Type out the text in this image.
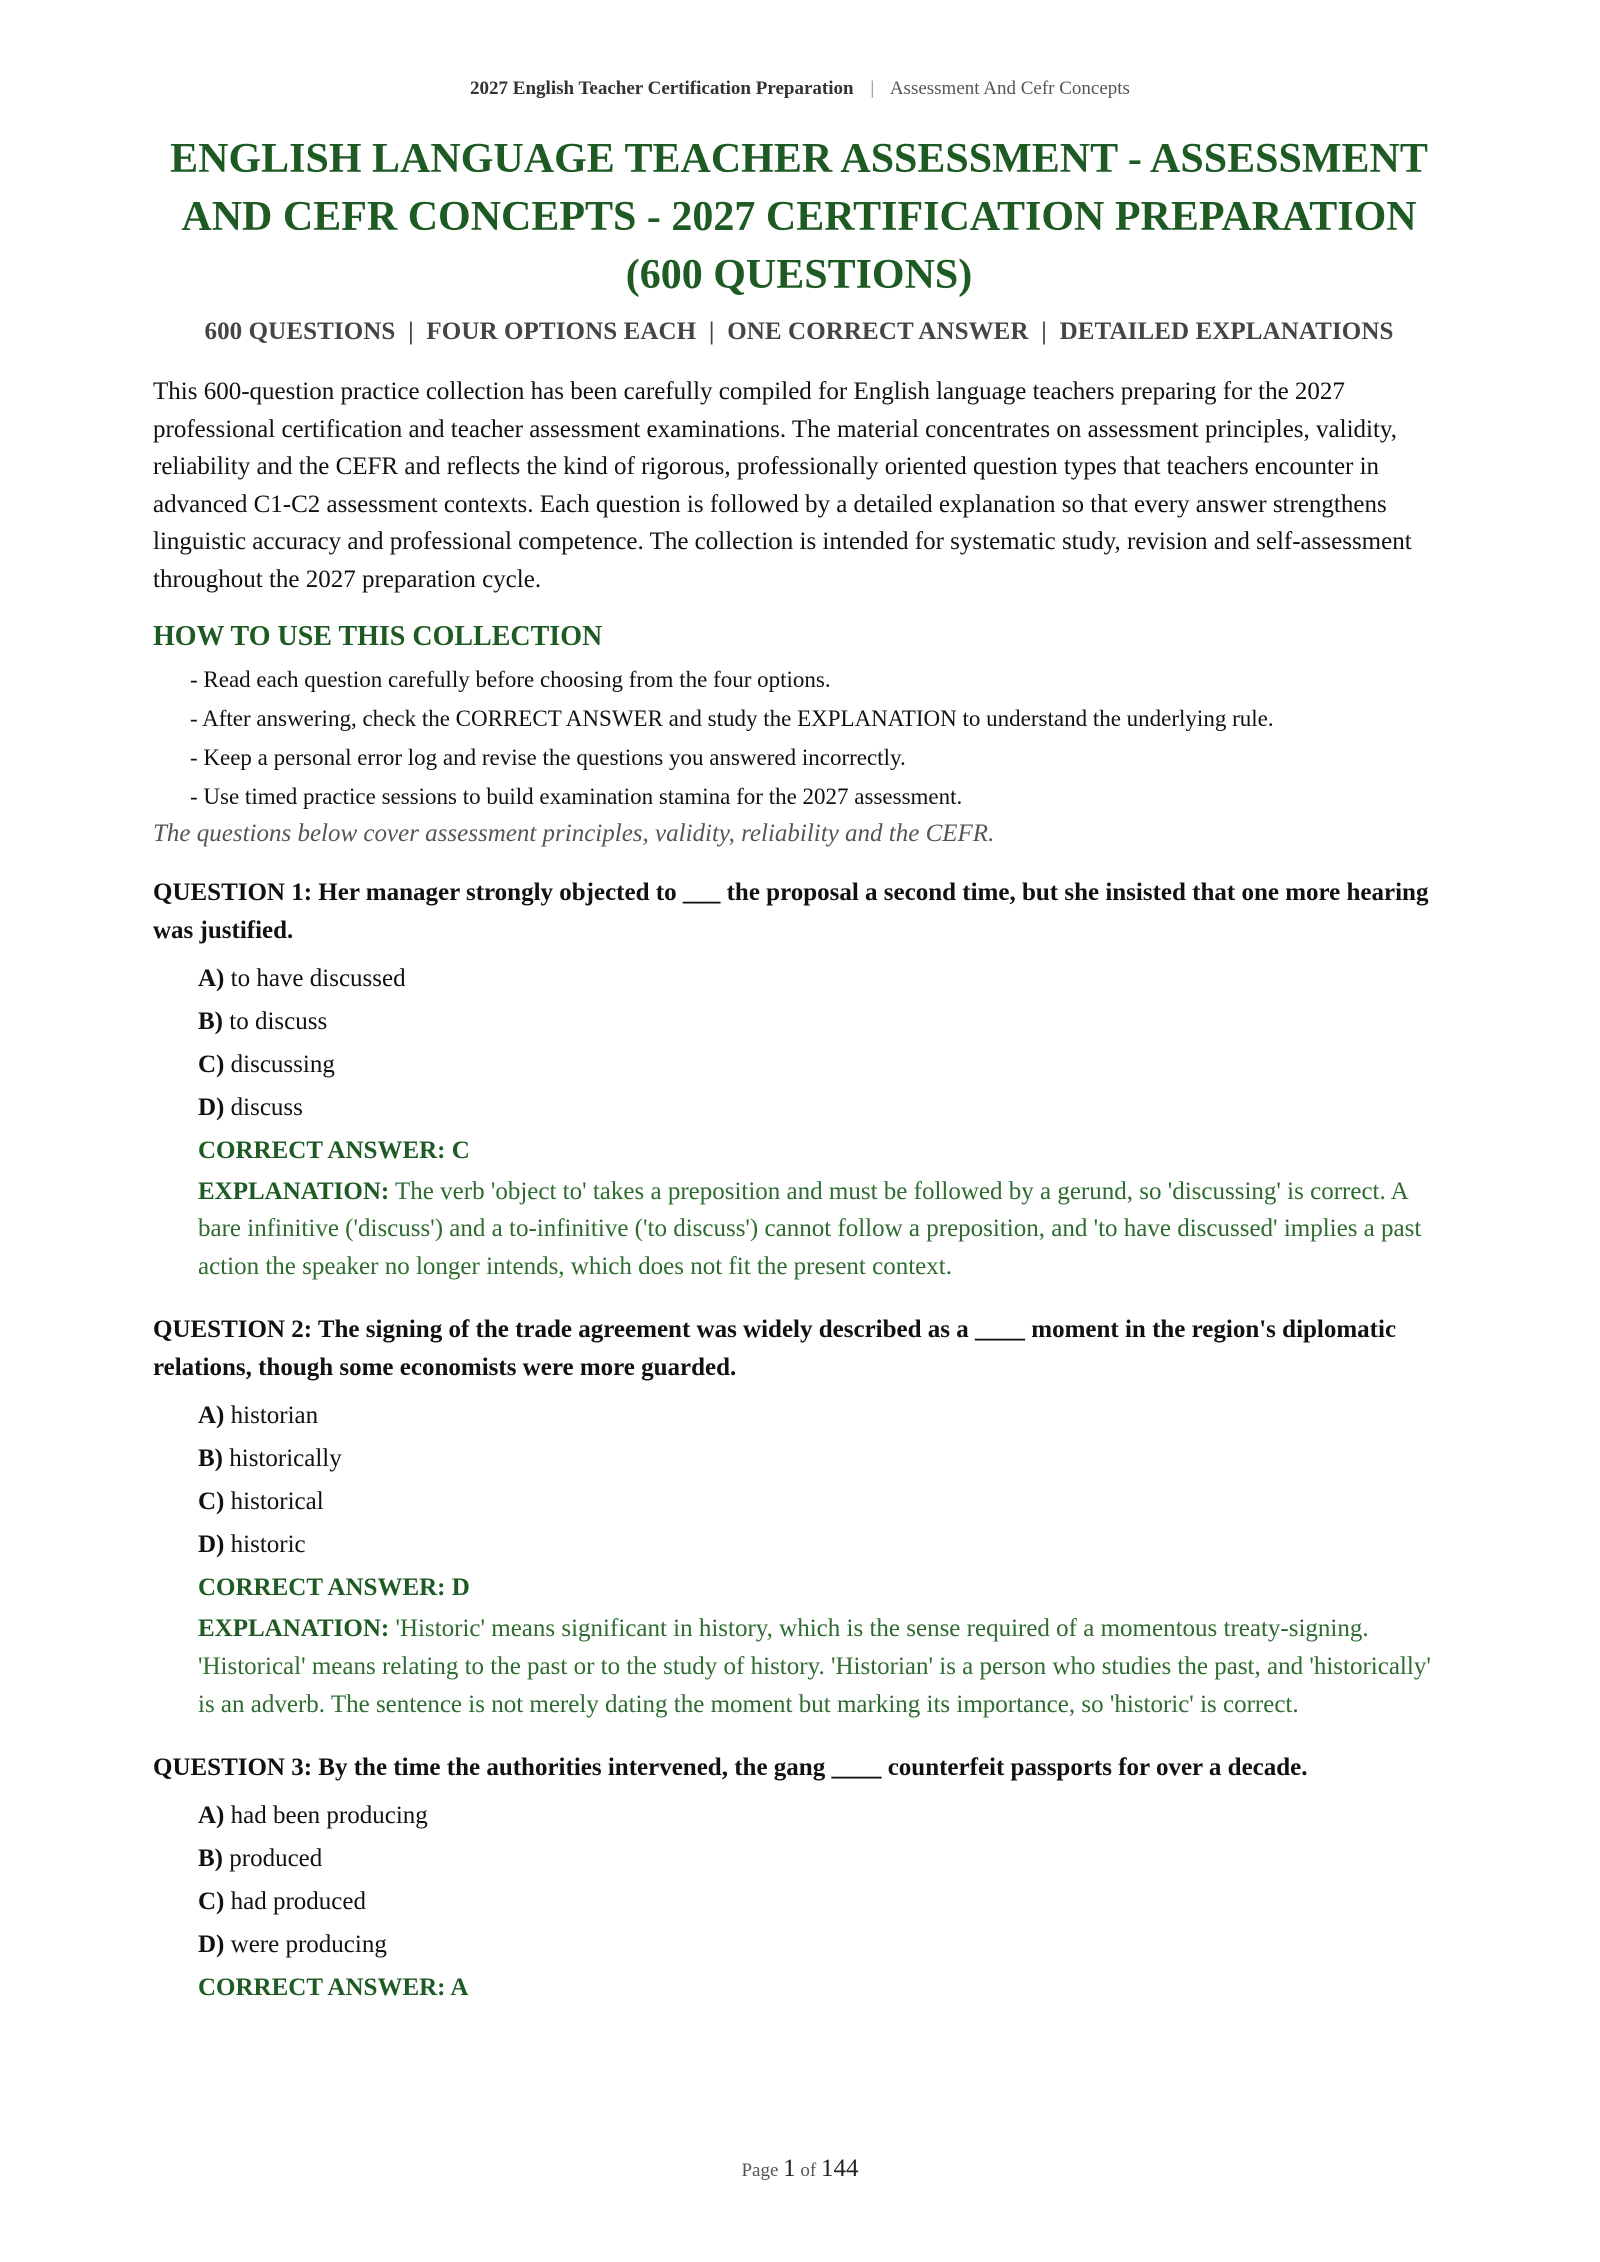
2027 English Teacher Certification Preparation | Assessment And Cefr Concepts
ENGLISH LANGUAGE TEACHER ASSESSMENT - ASSESSMENT AND CEFR CONCEPTS - 2027 CERTIFICATION PREPARATION (600 QUESTIONS)
600 QUESTIONS  |  FOUR OPTIONS EACH  |  ONE CORRECT ANSWER  |  DETAILED EXPLANATIONS

This 600-question practice collection has been carefully compiled for English language teachers preparing for the 2027 professional certification and teacher assessment examinations. The material concentrates on assessment principles, validity, reliability and the CEFR and reflects the kind of rigorous, professionally oriented question types that teachers encounter in advanced C1-C2 assessment contexts. Each question is followed by a detailed explanation so that every answer strengthens linguistic accuracy and professional competence. The collection is intended for systematic study, revision and self-assessment throughout the 2027 preparation cycle.

HOW TO USE THIS COLLECTION
- Read each question carefully before choosing from the four options.
- After answering, check the CORRECT ANSWER and study the EXPLANATION to understand the underlying rule.
- Keep a personal error log and revise the questions you answered incorrectly.
- Use timed practice sessions to build examination stamina for the 2027 assessment.
The questions below cover assessment principles, validity, reliability and the CEFR.
QUESTION 1: Her manager strongly objected to ___ the proposal a second time, but she insisted that one more hearing was justified.
A) to have discussed
B) to discuss
C) discussing
D) discuss
CORRECT ANSWER: C
EXPLANATION: The verb 'object to' takes a preposition and must be followed by a gerund, so 'discussing' is correct. A bare infinitive ('discuss') and a to-infinitive ('to discuss') cannot follow a preposition, and 'to have discussed' implies a past action the speaker no longer intends, which does not fit the present context.
QUESTION 2: The signing of the trade agreement was widely described as a ____ moment in the region's diplomatic relations, though some economists were more guarded.
A) historian
B) historically
C) historical
D) historic
CORRECT ANSWER: D
EXPLANATION: 'Historic' means significant in history, which is the sense required of a momentous treaty-signing. 'Historical' means relating to the past or to the study of history. 'Historian' is a person who studies the past, and 'historically' is an adverb. The sentence is not merely dating the moment but marking its importance, so 'historic' is correct.
QUESTION 3: By the time the authorities intervened, the gang ____ counterfeit passports for over a decade.
A) had been producing
B) produced
C) had produced
D) were producing
CORRECT ANSWER: A
Page 1 of 144
